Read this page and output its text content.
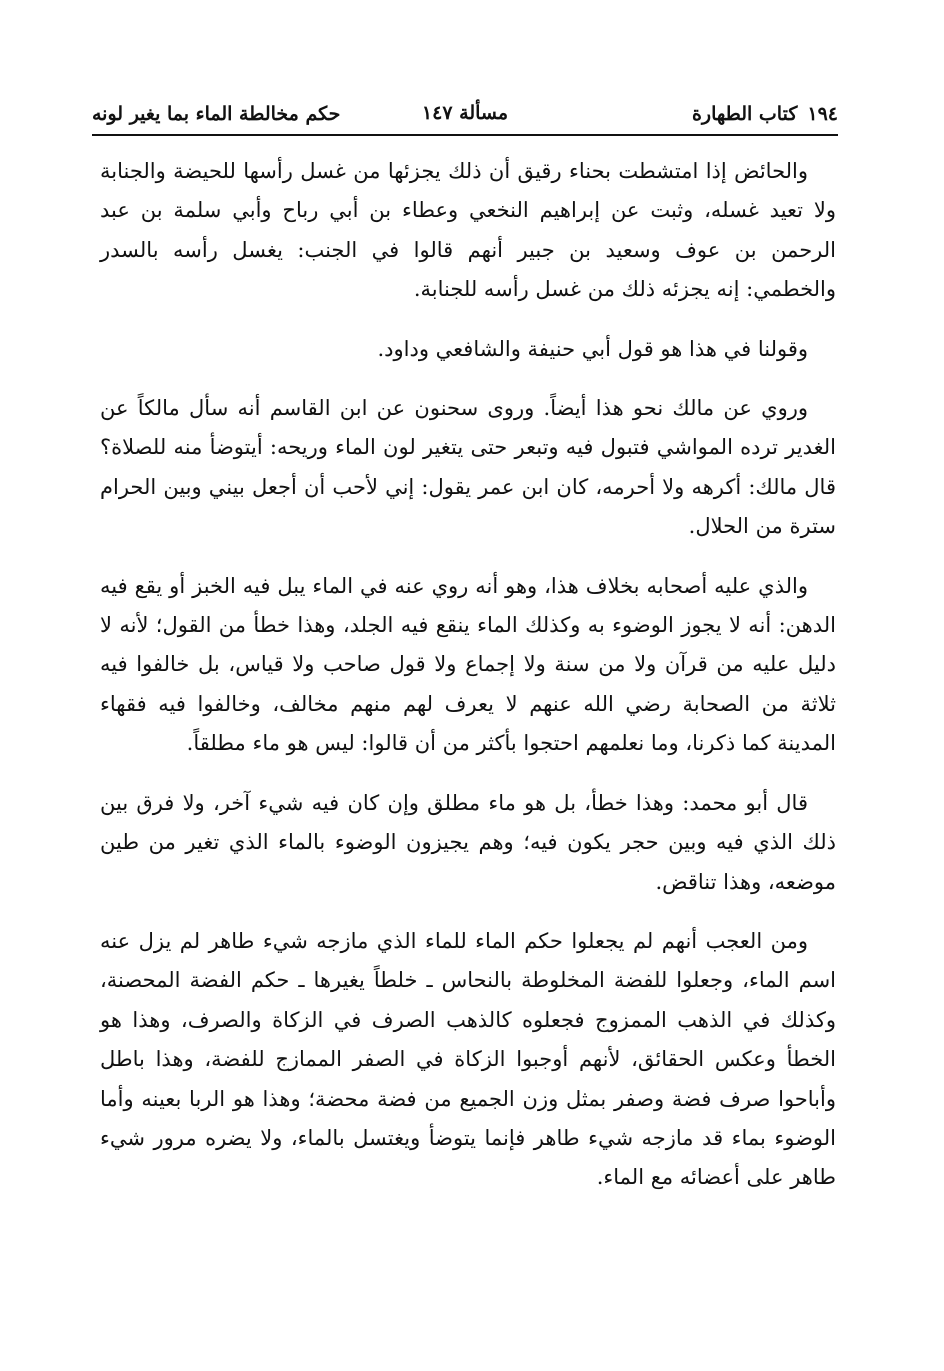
١٩٤
كتاب الطهارة
مسألة ١٤٧
حكم مخالطة الماء بما يغير لونه

والحائض إذا امتشطت بحناء رقيق أن ذلك يجزئها من غسل رأسها للحيضة والجنابة ولا تعيد غسله، وثبت عن إبراهيم النخعي وعطاء بن أبي رباح وأبي سلمة بن عبد الرحمن بن عوف وسعيد بن جبير أنهم قالوا في الجنب: يغسل رأسه بالسدر والخطمي: إنه يجزئه ذلك من غسل رأسه للجنابة.

وقولنا في هذا هو قول أبي حنيفة والشافعي وداود.

وروي عن مالك نحو هذا أيضاً. وروى سحنون عن ابن القاسم أنه سأل مالكاً عن الغدير ترده المواشي فتبول فيه وتبعر حتى يتغير لون الماء وريحه: أيتوضأ منه للصلاة؟ قال مالك: أكرهه ولا أحرمه، كان ابن عمر يقول: إني لأحب أن أجعل بيني وبين الحرام سترة من الحلال.

والذي عليه أصحابه بخلاف هذا، وهو أنه روي عنه في الماء يبل فيه الخبز أو يقع فيه الدهن: أنه لا يجوز الوضوء به وكذلك الماء ينقع فيه الجلد، وهذا خطأ من القول؛ لأنه لا دليل عليه من قرآن ولا من سنة ولا إجماع ولا قول صاحب ولا قياس، بل خالفوا فيه ثلاثة من الصحابة رضي الله عنهم لا يعرف لهم منهم مخالف، وخالفوا فيه فقهاء المدينة كما ذكرنا، وما نعلمهم احتجوا بأكثر من أن قالوا: ليس هو ماء مطلقاً.

قال أبو محمد: وهذا خطأ، بل هو ماء مطلق وإن كان فيه شيء آخر، ولا فرق بين ذلك الذي فيه وبين حجر يكون فيه؛ وهم يجيزون الوضوء بالماء الذي تغير من طين موضعه، وهذا تناقض.

ومن العجب أنهم لم يجعلوا حكم الماء للماء الذي مازجه شيء طاهر لم يزل عنه اسم الماء، وجعلوا للفضة المخلوطة بالنحاس ـ خلطاً يغيرها ـ حكم الفضة المحصنة، وكذلك في الذهب الممزوج فجعلوه كالذهب الصرف في الزكاة والصرف، وهذا هو الخطأ وعكس الحقائق، لأنهم أوجبوا الزكاة في الصفر الممازج للفضة، وهذا باطل وأباحوا صرف فضة وصفر بمثل وزن الجميع من فضة محضة؛ وهذا هو الربا بعينه وأما الوضوء بماء قد مازجه شيء طاهر فإنما يتوضأ ويغتسل بالماء، ولا يضره مرور شيء طاهر على أعضائه مع الماء.
